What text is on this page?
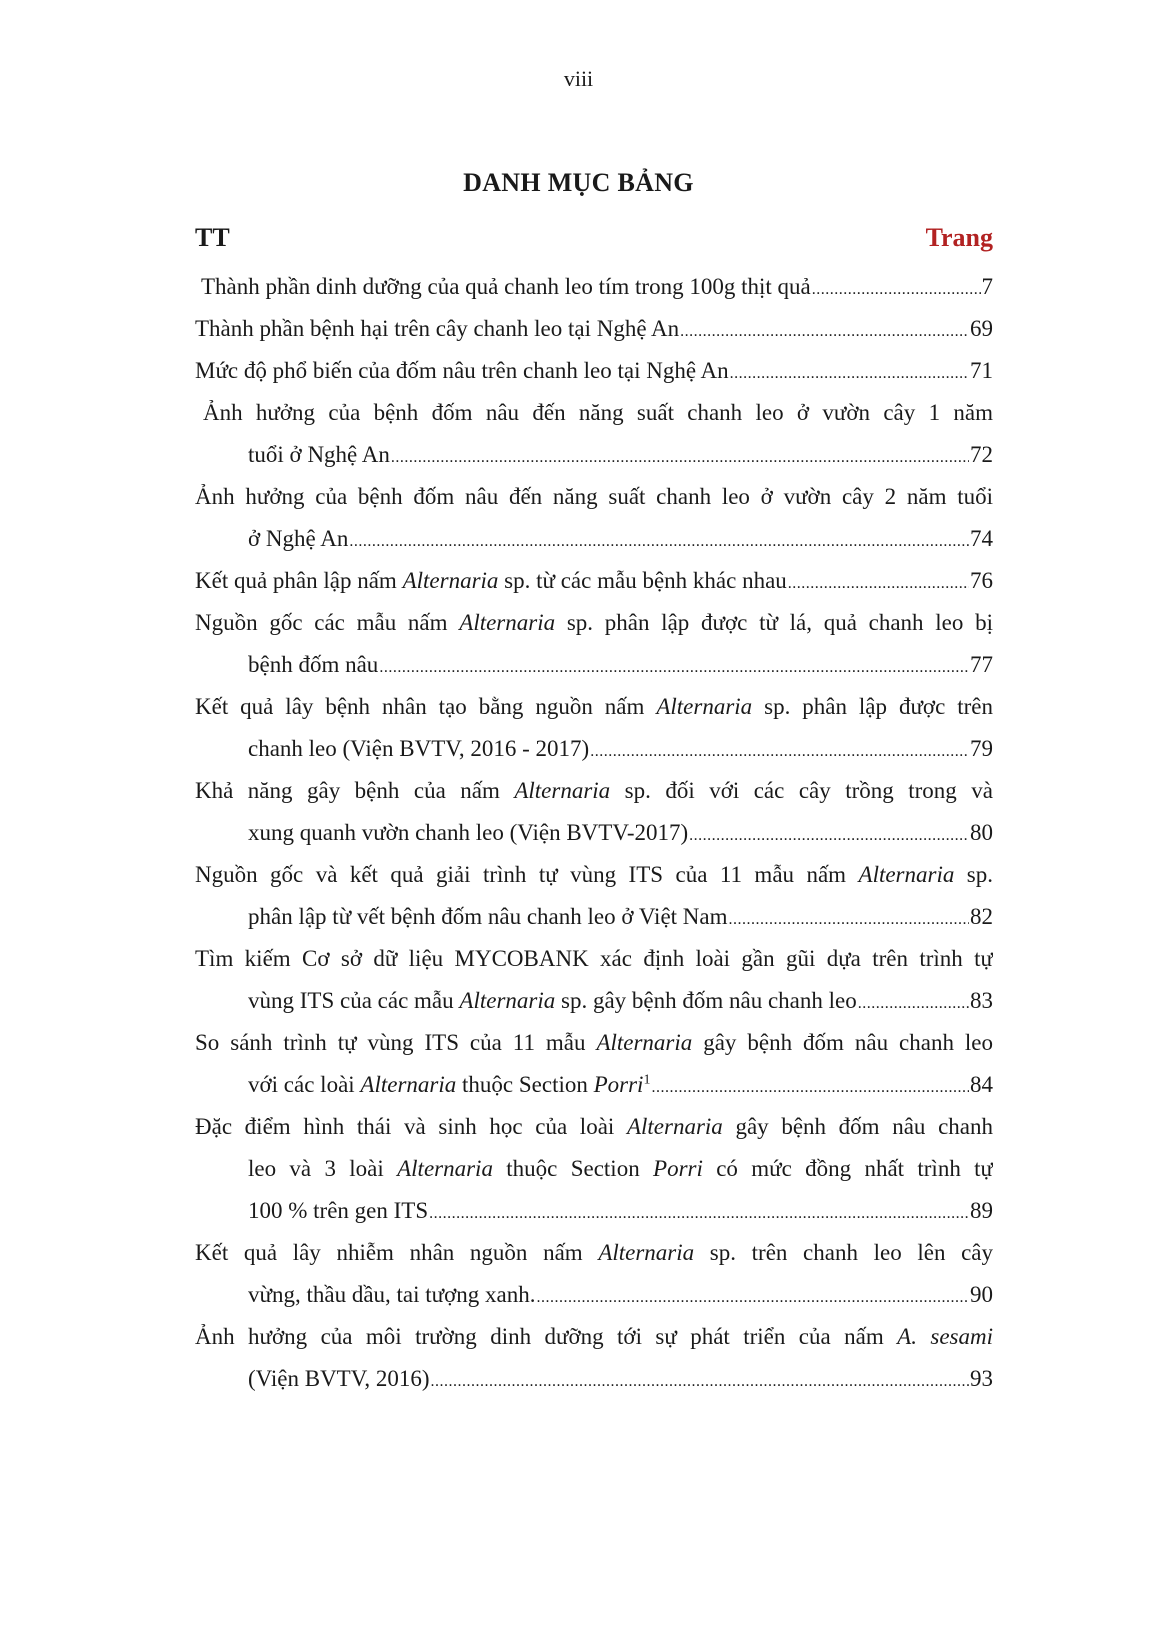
viii
DANH MỤC BẢNG
TT	Trang
Thành phần dinh dưỡng của quả chanh leo tím trong 100g thịt quả .....	7
Thành phần bệnh hại trên cây chanh leo tại Nghệ An .....	69
Mức độ phổ biến của đốm nâu trên chanh leo tại Nghệ An .....	71
Ảnh hưởng của bệnh đốm nâu đến năng suất chanh leo ở vườn cây 1 năm
tuổi ở Nghệ An .....	72
Ảnh hưởng của bệnh đốm nâu đến năng suất chanh leo ở vườn cây 2 năm tuổi
ở Nghệ An .....	74
Kết quả phân lập nấm Alternaria sp. từ các mẫu bệnh khác nhau .....	76
Nguồn gốc các mẫu nấm Alternaria sp. phân lập được từ lá, quả chanh leo bị
bệnh đốm nâu .....	77
Kết quả lây bệnh nhân tạo bằng nguồn nấm Alternaria sp. phân lập được trên
chanh leo (Viện BVTV, 2016 - 2017) .....	79
Khả năng gây bệnh của nấm Alternaria sp. đối với các cây trồng trong và
xung quanh vườn chanh leo (Viện BVTV-2017) .....	80
Nguồn gốc và kết quả giải trình tự vùng ITS của 11 mẫu nấm Alternaria sp.
phân lập từ vết bệnh đốm nâu chanh leo ở Việt Nam .....	82
Tìm kiếm Cơ sở dữ liệu MYCOBANK xác định loài gần gũi dựa trên trình tự
vùng ITS của các mẫu Alternaria sp. gây bệnh đốm nâu chanh leo .....	83
So sánh trình tự vùng ITS của 11 mẫu Alternaria gây bệnh đốm nâu chanh leo
với các loài Alternaria thuộc Section Porri$^1$ .....	84
Đặc điểm hình thái và sinh học của loài Alternaria gây bệnh đốm nâu chanh
leo và 3 loài Alternaria thuộc Section Porri có mức đồng nhất trình tự
100 % trên gen ITS .....	89
Kết quả lây nhiễm nhân nguồn nấm Alternaria sp. trên chanh leo lên cây
vừng, thầu dầu, tai tượng xanh. .....	90
Ảnh hưởng của môi trường dinh dưỡng tới sự phát triển của nấm A. sesami
(Viện BVTV, 2016) .....	93
